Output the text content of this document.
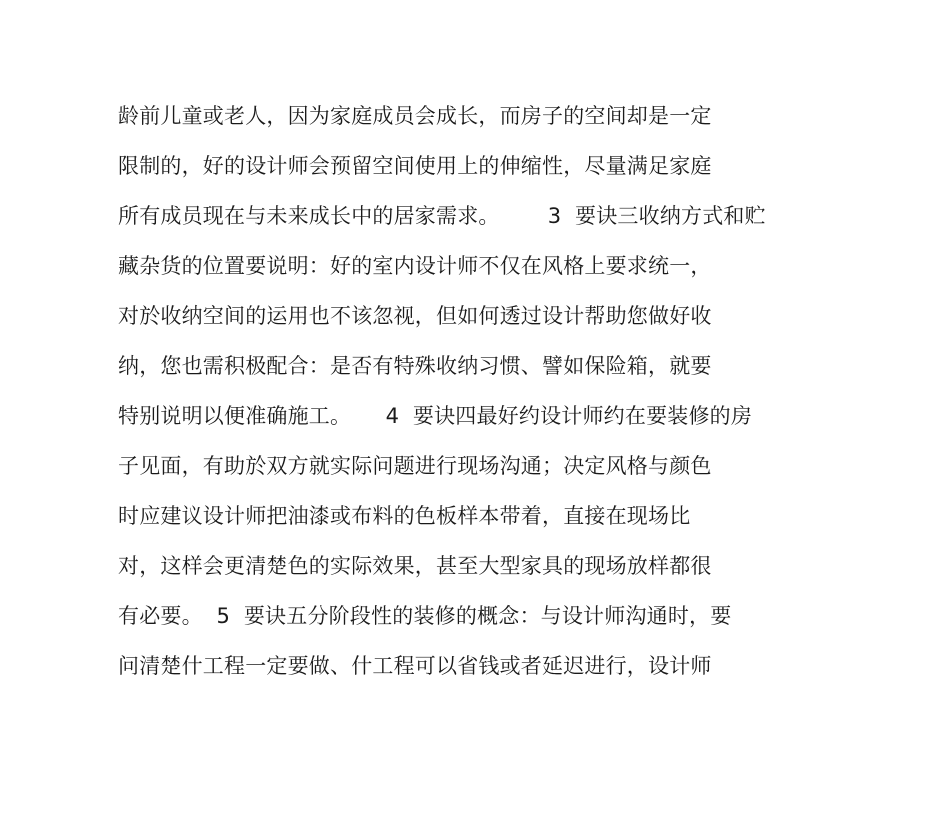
龄前儿童或老人，因为家庭成员会成长，而房子的空间却是一定
限制的，好的设计师会预留空间使用上的伸缩性，尽量满足家庭
所有成员现在与未来成长中的居家需求。       3  要诀三收纳方式和贮
藏杂货的位置要说明：好的室内设计师不仅在风格上要求统一，
对於收纳空间的运用也不该忽视，但如何透过设计帮助您做好收
纳，您也需积极配合：是否有特殊收纳习惯、譬如保险箱，就要
特别说明以便准确施工。     4  要诀四最好约设计师约在要装修的房
子见面，有助於双方就实际问题进行现场沟通；决定风格与颜色
时应建议设计师把油漆或布料的色板样本带着，直接在现场比
对，这样会更清楚色的实际效果，甚至大型家具的现场放样都很
有必要。  5  要诀五分阶段性的装修的概念：与设计师沟通时，要
问清楚什工程一定要做、什工程可以省钱或者延迟进行，设计师
